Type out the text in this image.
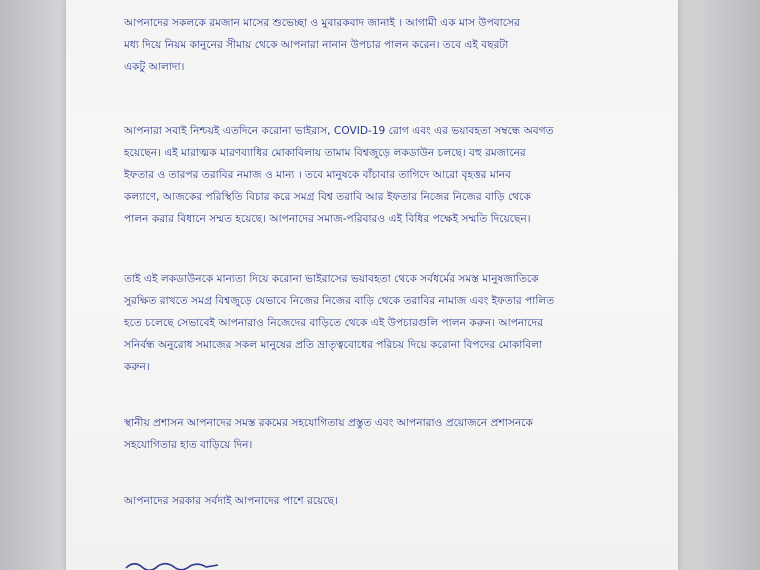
আপনাদের সকলকে রমজান মাসের শুভেচ্ছা ও মুবারকবাদ জানাই । আগামী এক মাস উপবাসের
মধ্য দিয়ে নিয়ম কানুনের সীমায় থেকে আপনারা নানান উপচার পালন করেন। তবে এই বছরটা
একটু আলাদা।

আপনারা সবাই নিশ্চয়ই এতদিনে করোনা ভাইরাস, COVID-19 রোগ এবং এর ভয়াবহতা সম্বন্ধে অবগত
হয়েছেন। এই মারাত্মক মারণব্যাধির মোকাবিলায় তামাম বিশ্বজুড়ে লকডাউন চলছে। বহু রমজানের
ইফতার ও তারপর তরাবির নমাজ ও মান্য । তবে মানুষকে বাঁচাবার তাগিদে আরো বৃহত্তর মানব
কল্যাণে, আজকের পরিস্থিতি বিচার করে সমগ্র বিশ্ব তরাবি আর ইফতার নিজের নিজের বাড়ি থেকে
পালন করার বিধানে সম্মত হয়েছে। আপনাদের সমাজ-পরিবারও এই বিধির পক্ষেই সম্মতি দিয়েছেন।

তাই এই লকডাউনকে মান্যতা দিয়ে করোনা ভাইরাসের ভয়াবহতা থেকে সর্বধর্মের সমস্ত মানুষজাতিকে
সুরক্ষিত রাখতে সমগ্র বিশ্বজুড়ে যেভাবে নিজের নিজের বাড়ি থেকে তরাবির নামাজ এবং ইফতার পালিত
হতে চলেছে সেভাবেই আপনারাও নিজেদের বাড়িতে থেকে এই উপচারগুলি পালন করুন। আপনাদের
সনির্বন্ধ অনুরোধ সমাজের সকল মানুষের প্রতি ভ্রাতৃত্ববোধের পরিচয় দিয়ে করোনা বিপদের মোকাবিলা
করুন।

স্থানীয় প্রশাসন আপনাদের সমস্ত রকমের সহযোগিতায় প্রস্তুত এবং আপনারাও প্রয়োজনে প্রশাসনকে
সহযোগিতার হাত বাড়িয়ে দিন।

আপনাদের সরকার সর্বদাই আপনাদের পাশে রয়েছে।
